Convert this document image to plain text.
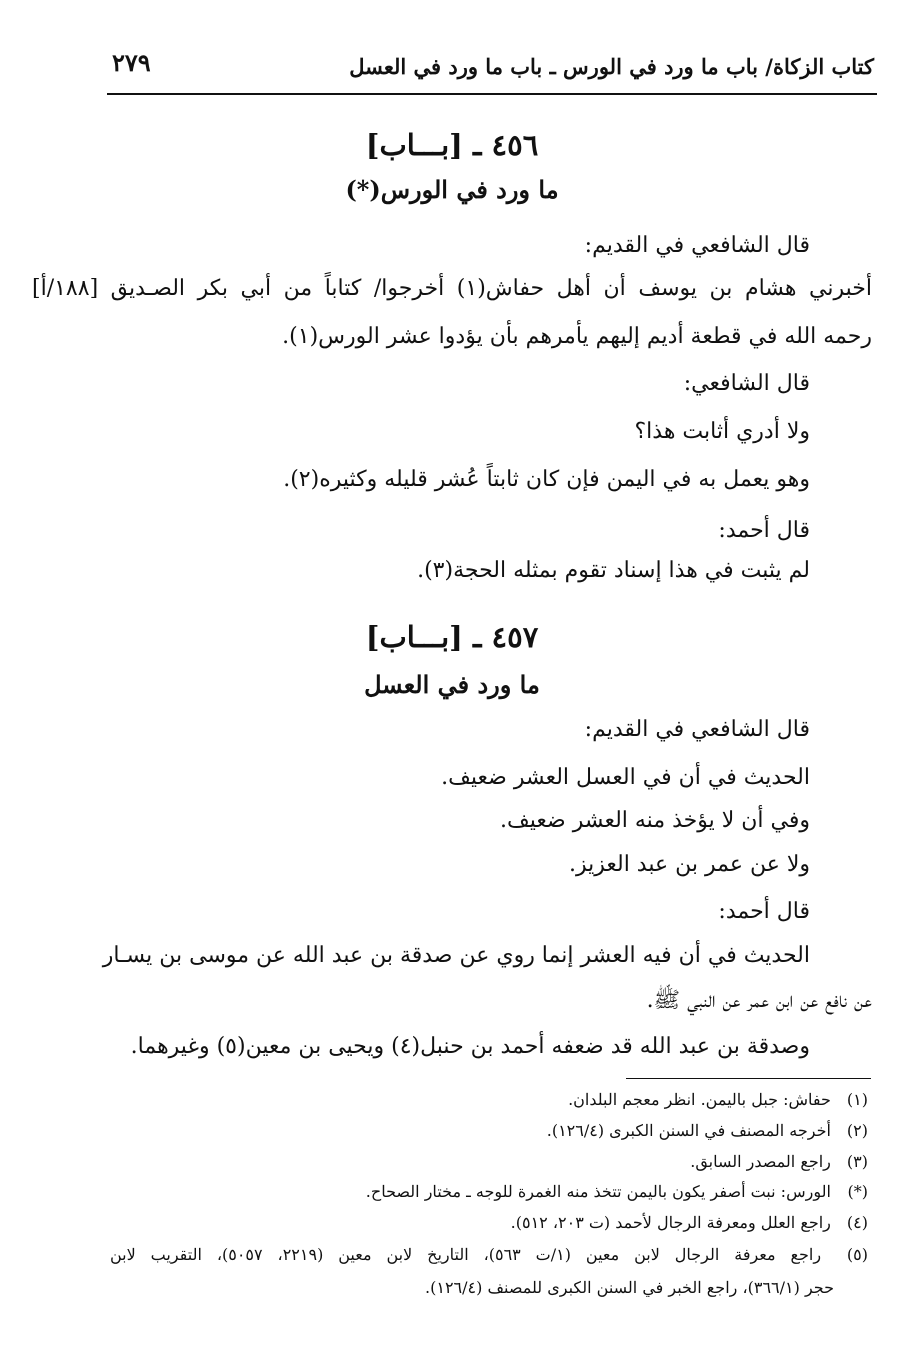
كتاب الزكاة/ باب ما ورد في الورس ـ باب ما ورد في العسل
٢٧٩
٤٥٦ ـ [بـــاب]
ما ورد في الورس(*)
قال الشافعي في القديم:
أخبرني هشام بن يوسف أن أهل حفاش(١) أخرجوا/ كتاباً من أبي بكر الصـديق [١٨٨/أ]
رحمه الله في قطعة أديم إليهم يأمرهم بأن يؤدوا عشر الورس(١).
قال الشافعي:
ولا أدري أثابت هذا؟
وهو يعمل به في اليمن فإن كان ثابتاً عُشر قليله وكثيره(٢).
قال أحمد:
لم يثبت في هذا إسناد تقوم بمثله الحجة(٣).
٤٥٧ ـ [بـــاب]
ما ورد في العسل
قال الشافعي في القديم:
الحديث في أن في العسل العشر ضعيف.
وفي أن لا يؤخذ منه العشر ضعيف.
ولا عن عمر بن عبد العزيز.
قال أحمد:
الحديث في أن فيه العشر إنما روي عن صدقة بن عبد الله عن موسى بن يسـار
عن نافع عن ابن عمر عن النبي ﷺ.
وصدقة بن عبد الله قد ضعفه أحمد بن حنبل(٤) ويحيى بن معين(٥) وغيرهما.
(١) حفاش: جبل باليمن. انظر معجم البلدان.
(٢) أخرجه المصنف في السنن الكبرى (١٢٦/٤).
(٣) راجع المصدر السابق.
(*) الورس: نبت أصفر يكون باليمن تتخذ منه الغمرة للوجه ـ مختار الصحاح.
(٤) راجع العلل ومعرفة الرجال لأحمد (ت ٢٠٣، ٥١٢).
(٥) راجع معرفة الرجال لابن معين (١/ت ٥٦٣)، التاريخ لابن معين (٢٢١٩، ٥٠٥٧)، التقريب لابن
حجر (٣٦٦/١)، راجع الخبر في السنن الكبرى للمصنف (١٢٦/٤).
